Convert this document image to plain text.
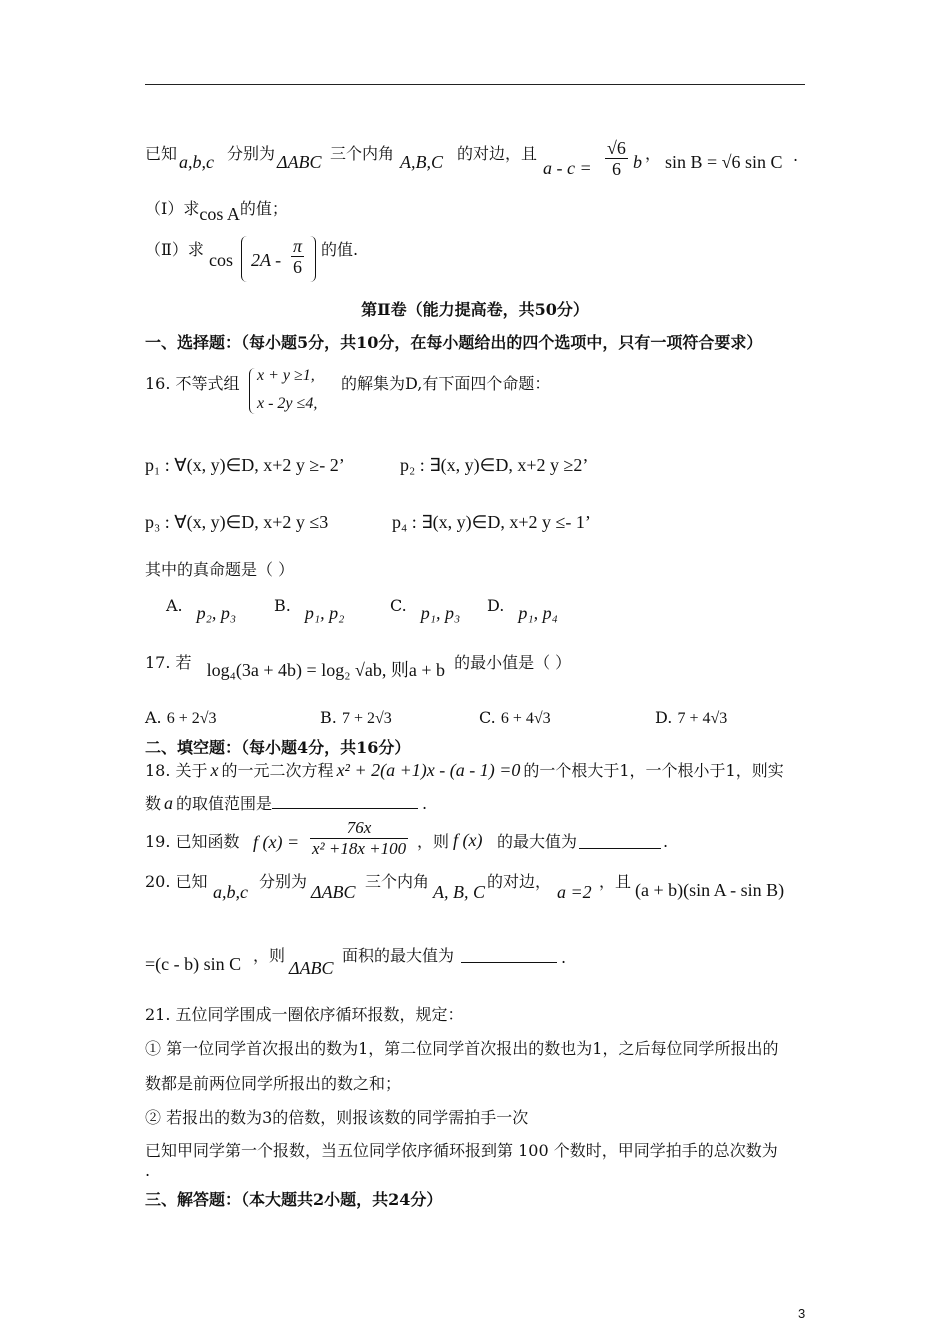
已知 a,b,c 分别为 ΔABC 三个内角 A,B,C 的对边，且
$a - c = \frac{√6}{6}$ b ， sin B = √6 sin C .
（Ⅰ）求cos A的值；
（Ⅱ）求
$\cos 2A - \frac{\pi}{6}$ 的值.
第Ⅱ卷（能力提高卷，共50分）
一、选择题：（每小题5分，共10分，在每小题给出的四个选项中，只有一项符合要求）
16. 不等式组 x + y ≥1,
x - 2y ≤4,
的解集为D,有下面四个命题：
p₁ : ∀(x, y)∈D, x+2 y ≥- 2’	p₂ : ∃(x, y)∈D, x+2 y ≥2’
p₃ : ∀(x, y)∈D, x+2 y ≤3	p₄ : ∃(x, y)∈D, x+2 y ≤- 1’
其中的真命题是（ ）
A. p₂, p₃ B. p₁, p₂	C. p₁, p₃ D. p₁, p₄
17. 若 log₄(3a + 4b) = log₂ √ab, 则a + b 的最小值是（ ）
A. 6 + 2√3	B. 7 + 2√3	C. 6 + 4√3	D. 7 + 4√3
二、填空题：（每小题4分，共16分）
18. 关于 x 的一元二次方程 x² + 2(a +1)x - (a - 1) =0 的一个根大于1，一个根小于1，则实
数 a 的取值范围是	.
19. 已知函数 f $(x) = \frac{76x}{\text{x² +18x +100}}$ ，则 f (x) 的最大值为	.
20. 已知
a,b,c
分别为
ΔABC
三个内角
A, B, C
的对边，
a =2
，且 (a + b)(sin A - sin B)
=(c - b) sin C ，则
ΔABC
面积的最大值为	.
21. 五位同学围成一圈依序循环报数，规定：
① 第一位同学首次报出的数为1，第二位同学首次报出的数也为1，之后每位同学所报出的
数都是前两位同学所报出的数之和；
② 若报出的数为3的倍数，则报该数的同学需拍手一次
已知甲同学第一个报数，当五位同学依序循环报到第 100 个数时，甲同学拍手的总次数为
.
三、解答题：（本大题共2小题，共24分）
3
